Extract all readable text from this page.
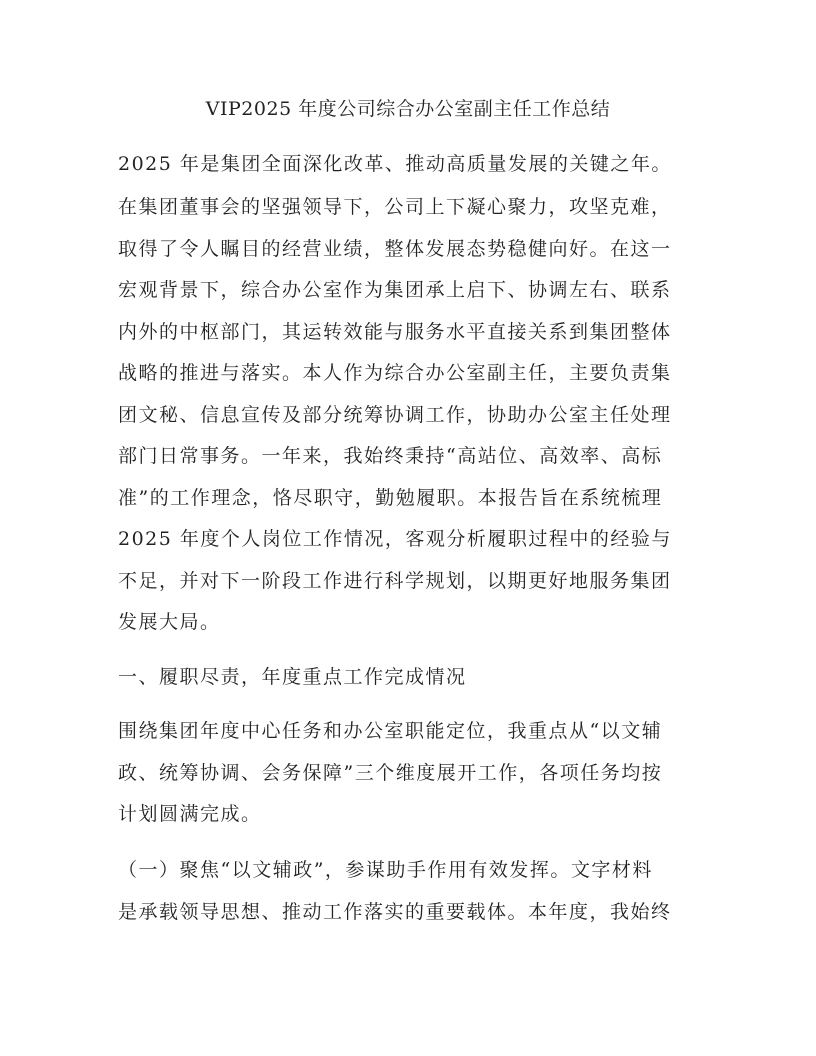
VIP2025 年度公司综合办公室副主任工作总结
2025 年是集团全面深化改革、推动高质量发展的关键之年。
在集团董事会的坚强领导下，公司上下凝心聚力，攻坚克难，
取得了令人瞩目的经营业绩，整体发展态势稳健向好。在这一
宏观背景下，综合办公室作为集团承上启下、协调左右、联系
内外的中枢部门，其运转效能与服务水平直接关系到集团整体
战略的推进与落实。本人作为综合办公室副主任，主要负责集
团文秘、信息宣传及部分统筹协调工作，协助办公室主任处理
部门日常事务。一年来，我始终秉持“高站位、高效率、高标
准”的工作理念，恪尽职守，勤勉履职。本报告旨在系统梳理
2025 年度个人岗位工作情况，客观分析履职过程中的经验与
不足，并对下一阶段工作进行科学规划，以期更好地服务集团
发展大局。
一、履职尽责，年度重点工作完成情况
围绕集团年度中心任务和办公室职能定位，我重点从“以文辅
政、统筹协调、会务保障”三个维度展开工作，各项任务均按
计划圆满完成。
（一）聚焦“以文辅政”，参谋助手作用有效发挥。文字材料
是承载领导思想、推动工作落实的重要载体。本年度，我始终
